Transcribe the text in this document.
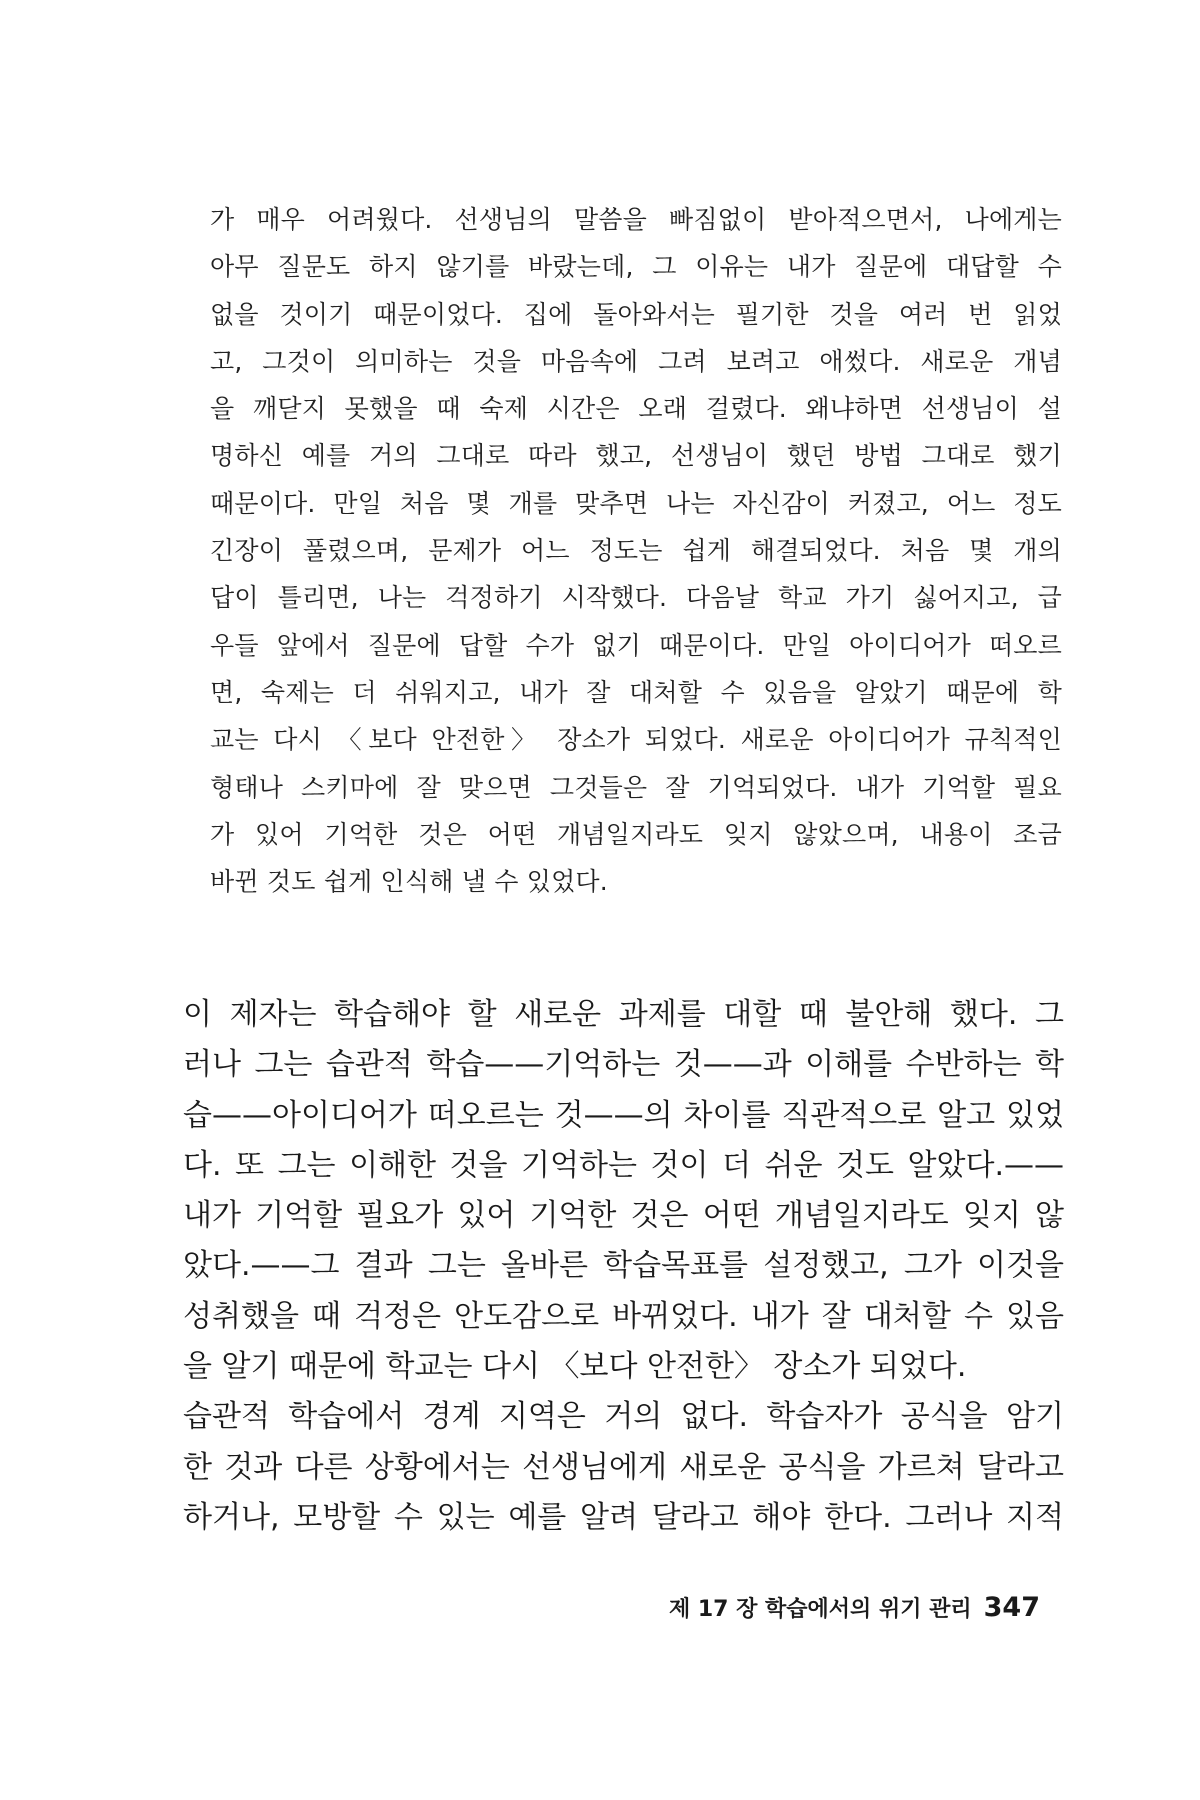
가 매우 어려웠다. 선생님의 말씀을 빠짐없이 받아적으면서, 나에게는
아무 질문도 하지 않기를 바랐는데, 그 이유는 내가 질문에 대답할 수
없을 것이기 때문이었다. 집에 돌아와서는 필기한 것을 여러 번 읽었
고, 그것이 의미하는 것을 마음속에 그려 보려고 애썼다. 새로운 개념
을 깨닫지 못했을 때 숙제 시간은 오래 걸렸다. 왜냐하면 선생님이 설
명하신 예를 거의 그대로 따라 했고, 선생님이 했던 방법 그대로 했기
때문이다. 만일 처음 몇 개를 맞추면 나는 자신감이 커졌고, 어느 정도
긴장이 풀렸으며, 문제가 어느 정도는 쉽게 해결되었다. 처음 몇 개의
답이 틀리면, 나는 걱정하기 시작했다. 다음날 학교 가기 싫어지고, 급
우들 앞에서 질문에 답할 수가 없기 때문이다. 만일 아이디어가 떠오르
면, 숙제는 더 쉬워지고, 내가 잘 대처할 수 있음을 알았기 때문에 학
교는 다시 〈보다 안전한〉 장소가 되었다. 새로운 아이디어가 규칙적인
형태나 스키마에 잘 맞으면 그것들은 잘 기억되었다. 내가 기억할 필요
가 있어 기억한 것은 어떤 개념일지라도 잊지 않았으며, 내용이 조금
바뀐 것도 쉽게 인식해 낼 수 있었다.
이 제자는 학습해야 할 새로운 과제를 대할 때 불안해 했다. 그
러나 그는 습관적 학습——기억하는 것——과 이해를 수반하는 학
습——아이디어가 떠오르는 것——의 차이를 직관적으로 알고 있었
다. 또 그는 이해한 것을 기억하는 것이 더 쉬운 것도 알았다.——
내가 기억할 필요가 있어 기억한 것은 어떤 개념일지라도 잊지 않
았다.——그 결과 그는 올바른 학습목표를 설정했고, 그가 이것을
성취했을 때 걱정은 안도감으로 바뀌었다. 내가 잘 대처할 수 있음
을 알기 때문에 학교는 다시 〈보다 안전한〉 장소가 되었다.
습관적 학습에서 경계 지역은 거의 없다. 학습자가 공식을 암기
한 것과 다른 상황에서는 선생님에게 새로운 공식을 가르쳐 달라고
하거나, 모방할 수 있는 예를 알려 달라고 해야 한다. 그러나 지적
제 17 장 학습에서의 위기 관리 347
